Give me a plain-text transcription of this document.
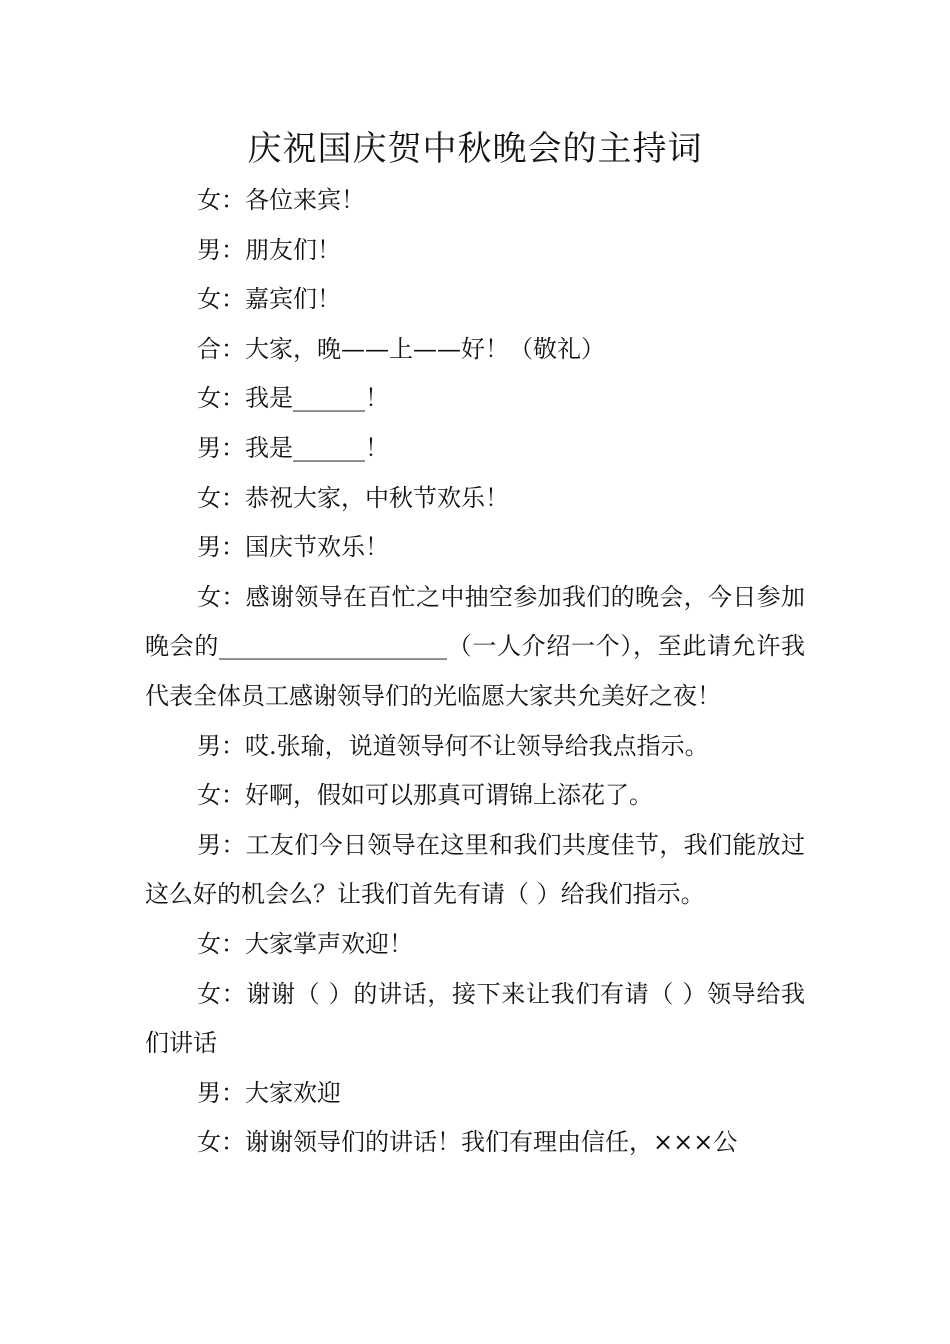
庆祝国庆贺中秋晚会的主持词

女：各位来宾！

男：朋友们！

女：嘉宾们！

合：大家，晚——上——好！（敬礼）

女：我是______！

男：我是______！

女：恭祝大家，中秋节欢乐！

男：国庆节欢乐！

女：感谢领导在百忙之中抽空参加我们的晚会，今日参加晚会的___________________（一人介绍一个），至此请允许我代表全体员工感谢领导们的光临愿大家共允美好之夜！

男：哎.张瑜，说道领导何不让领导给我点指示。

女：好啊，假如可以那真可谓锦上添花了。

男：工友们今日领导在这里和我们共度佳节，我们能放过这么好的机会么？让我们首先有请（ ）给我们指示。

女：大家掌声欢迎！

女：谢谢（ ）的讲话，接下来让我们有请（ ）领导给我们讲话

男：大家欢迎

女：谢谢领导们的讲话！我们有理由信任，×××公
